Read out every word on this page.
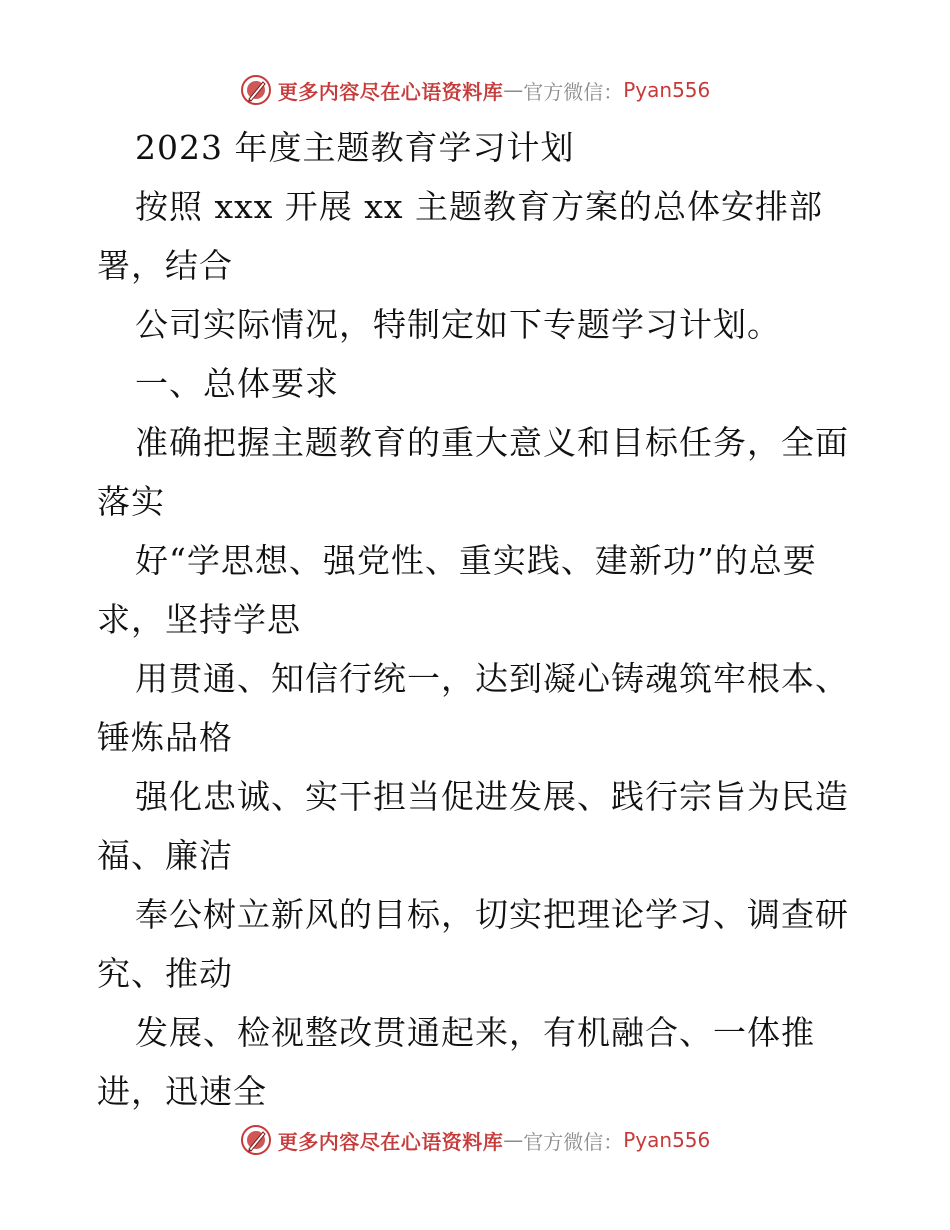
更多内容尽在心语资料库 — 官方微信： Pyan556
2023 年度主题教育学习计划
按照 xxx 开展 xx 主题教育方案的总体安排部
署，结合
公司实际情况，特制定如下专题学习计划。
一、总体要求
准确把握主题教育的重大意义和目标任务，全面
落实
好“学思想、强党性、重实践、建新功”的总要
求，坚持学思
用贯通、知信行统一，达到凝心铸魂筑牢根本、
锤炼品格
强化忠诚、实干担当促进发展、践行宗旨为民造
福、廉洁
奉公树立新风的目标，切实把理论学习、调查研
究、推动
发展、检视整改贯通起来，有机融合、一体推
进，迅速全
更多内容尽在心语资料库 — 官方微信： Pyan556
